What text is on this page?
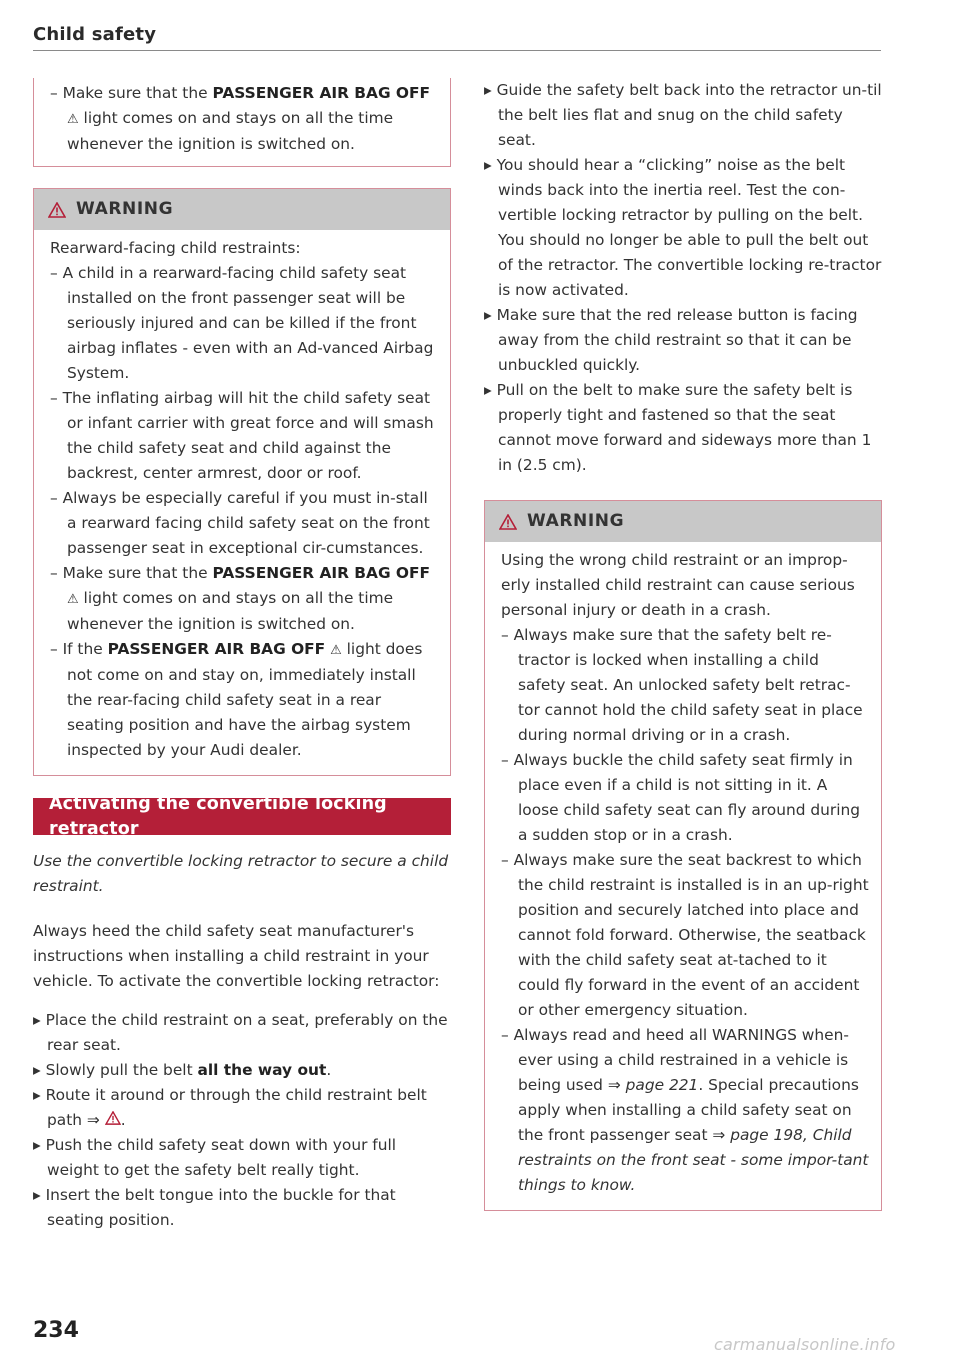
Child safety
– Make sure that the PASSENGER AIR BAG OFF ⚠︎ light comes on and stays on all the time whenever the ignition is switched on.
WARNING
Rearward-facing child restraints:
– A child in a rearward-facing child safety seat installed on the front passenger seat will be seriously injured and can be killed if the front airbag inflates - even with an Ad-vanced Airbag System.
– The inflating airbag will hit the child safety seat or infant carrier with great force and will smash the child safety seat and child against the backrest, center armrest, door or roof.
– Always be especially careful if you must in-stall a rearward facing child safety seat on the front passenger seat in exceptional cir-cumstances.
– Make sure that the PASSENGER AIR BAG OFF ⚠︎ light comes on and stays on all the time whenever the ignition is switched on.
– If the PASSENGER AIR BAG OFF ⚠︎ light does not come on and stay on, immediately install the rear-facing child safety seat in a rear seating position and have the airbag system inspected by your Audi dealer.
Activating the convertible locking retractor
Use the convertible locking retractor to secure a child restraint.
Always heed the child safety seat manufacturer's instructions when installing a child restraint in your vehicle. To activate the convertible locking retractor:
▸ Place the child restraint on a seat, preferably on the rear seat.
▸ Slowly pull the belt all the way out.
▸ Route it around or through the child restraint belt path ⇒ .
▸ Push the child safety seat down with your full weight to get the safety belt really tight.
▸ Insert the belt tongue into the buckle for that seating position.
▸ Guide the safety belt back into the retractor un-til the belt lies flat and snug on the child safety seat.
▸ You should hear a “clicking” noise as the belt winds back into the inertia reel. Test the con-vertible locking retractor by pulling on the belt. You should no longer be able to pull the belt out of the retractor. The convertible locking re-tractor is now activated.
▸ Make sure that the red release button is facing away from the child restraint so that it can be unbuckled quickly.
▸ Pull on the belt to make sure the safety belt is properly tight and fastened so that the seat cannot move forward and sideways more than 1 in (2.5 cm).
WARNING
Using the wrong child restraint or an improp-erly installed child restraint can cause serious personal injury or death in a crash.
– Always make sure that the safety belt re-tractor is locked when installing a child safety seat. An unlocked safety belt retrac-tor cannot hold the child safety seat in place during normal driving or in a crash.
– Always buckle the child safety seat firmly in place even if a child is not sitting in it. A loose child safety seat can fly around during a sudden stop or in a crash.
– Always make sure the seat backrest to which the child restraint is installed is in an up-right position and securely latched into place and cannot fold forward. Otherwise, the seatback with the child safety seat at-tached to it could fly forward in the event of an accident or other emergency situation.
– Always read and heed all WARNINGS when-ever using a child restrained in a vehicle is being used ⇒ page 221. Special precautions apply when installing a child safety seat on the front passenger seat ⇒ page 198, Child restraints on the front seat - some impor-tant things to know.
234
carmanualsonline.info
